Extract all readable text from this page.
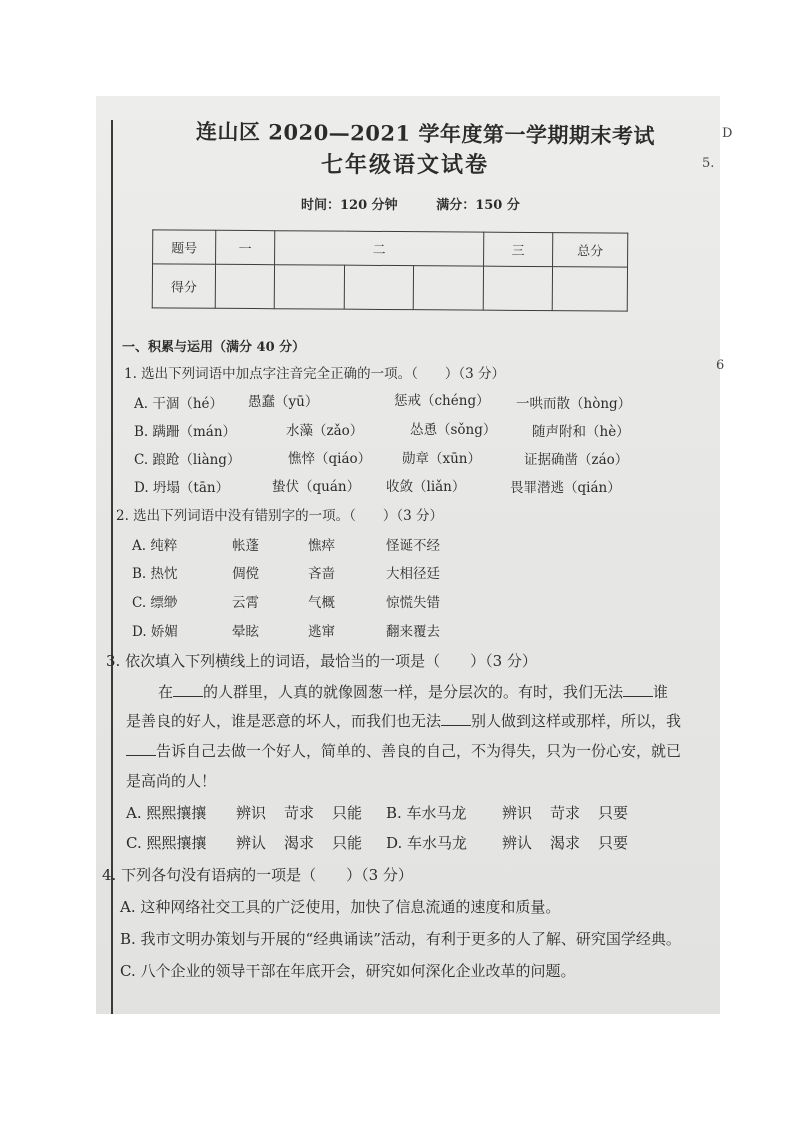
连山区 2020—2021 学年度第一学期期末考试
七年级语文试卷
时间：120 分钟	满分：150 分
题号	一	二			三	总分
得分						
一、积累与运用（满分 40 分）
1. 选出下列词语中加点字注音完全正确的一项。（　　）（3 分）
A. 干涸（hé） 愚蠢（yū）	惩戒（chéng） 一哄而散（hòng）
B. 蹒跚（mán）	水藻（zǎo）	怂恿（sǒng）	随声附和（hè）
C. 踉跄（liàng）	憔悴（qiáo） 勋章（xūn）	证据确凿（záo）
D. 坍塌（tān）	蛰伏（quán） 收敛（liǎn）	畏罪潜逃（qián）
2. 选出下列词语中没有错别字的一项。（　　）（3 分）
A. 纯粹	帐蓬	憔瘁	怪诞不经
B. 热忱	倜傥	吝啬	大相径廷
C. 缥缈	云霄	气概	惊慌失错
D. 娇媚	晕眩	逃窜	翻来覆去
3. 依次填入下列横线上的词语，最恰当的一项是（　　）（3 分）
在 的人群里，人真的就像圆葱一样，是分层次的。有时，我们无法 谁
是善良的好人，谁是恶意的坏人，而我们也无法 别人做到这样或那样，所以，我
告诉自己去做一个好人，简单的、善良的自己，不为得失，只为一份心安，就已
是高尚的人！
A. 熙熙攘攘 辨识 苛求 只能 B. 车水马龙 辨识 苛求 只要
C. 熙熙攘攘 辨认 渴求 只能 D. 车水马龙 辨认 渴求 只要
4. 下列各句没有语病的一项是（　　）（3 分）
A. 这种网络社交工具的广泛使用，加快了信息流通的速度和质量。
B. 我市文明办策划与开展的“经典诵读”活动，有利于更多的人了解、研究国学经典。
C. 八个企业的领导干部在年底开会，研究如何深化企业改革的问题。
D
5.
6
